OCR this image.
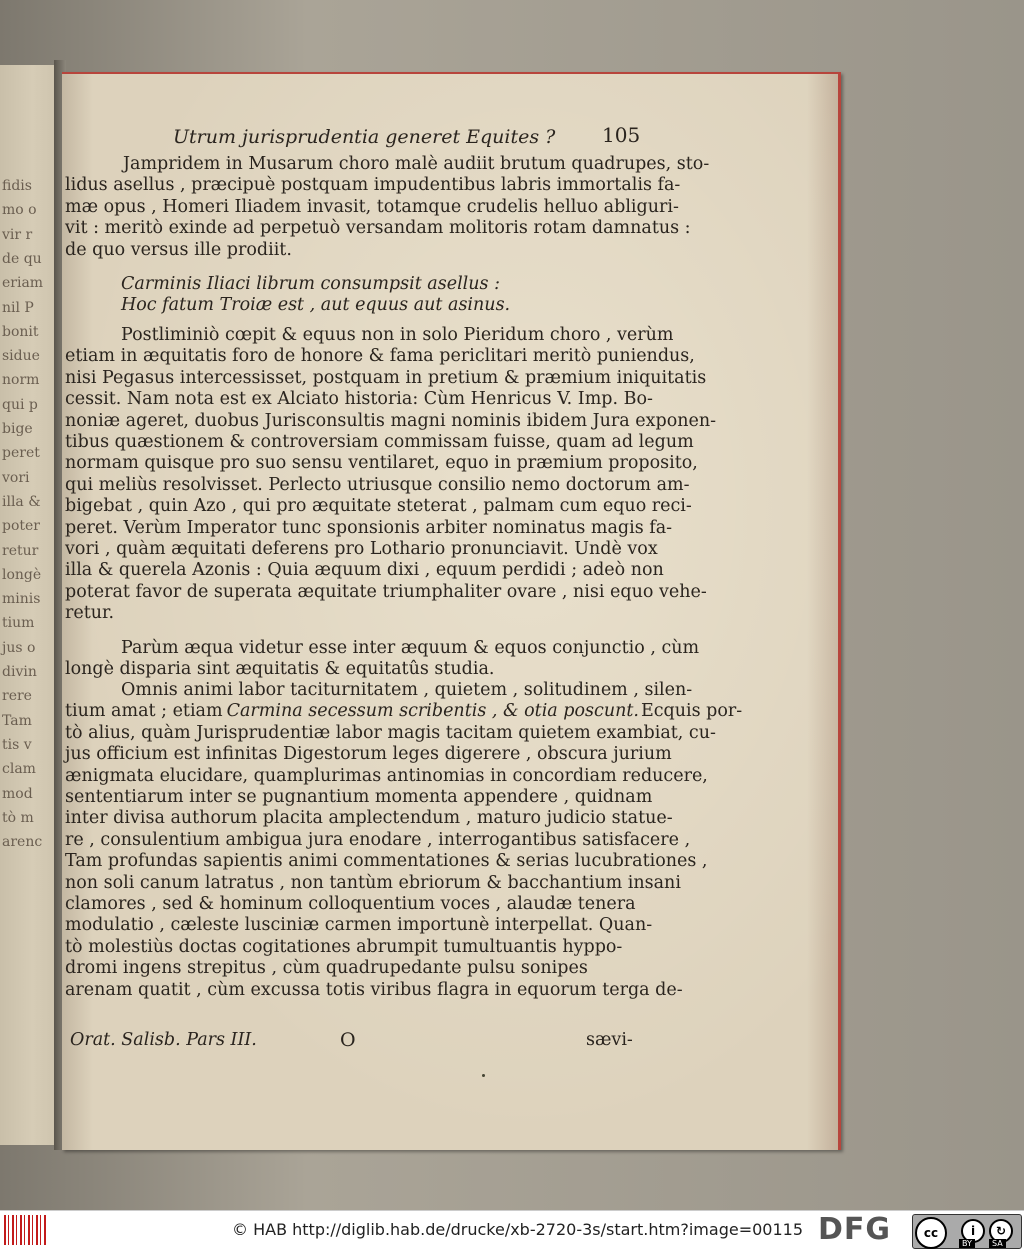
fidis
mo o
vir r
de qu
eriam
nil P
bonit
sidue
norm
qui p
bige
peret
vori
illa &
poter
retur
longè
minis
tium
jus o
divin
rere
Tam
tis v
clam
mod
tò m
arenc
Utrum jurisprudentia generet Equites ? 105
Jampridem in Musarum choro malè audiit brutum quadrupes, sto-
lidus asellus , præcipuè postquam impudentibus labris immortalis fa-
mæ opus , Homeri Iliadem invasit, totamque crudelis helluo abliguri-
vit : meritò exinde ad perpetuò versandam molitoris rotam damnatus :
de quo versus ille prodiit.
Carminis Iliaci librum consumpsit asellus :
Hoc fatum Troiæ est , aut equus aut asinus.
Postliminiò cœpit & equus non in solo Pieridum choro , verùm
etiam in æquitatis foro de honore & fama periclitari meritò puniendus,
nisi Pegasus intercessisset, postquam in pretium & præmium iniquitatis
cessit. Nam nota est ex Alciato historia: Cùm Henricus V. Imp. Bo-
noniæ ageret, duobus Jurisconsultis magni nominis ibidem Jura exponen-
tibus quæstionem & controversiam commissam fuisse, quam ad legum
normam quisque pro suo sensu ventilaret, equo in præmium proposito,
qui meliùs resolvisset. Perlecto utriusque consilio nemo doctorum am-
bigebat , quin Azo , qui pro æquitate steterat , palmam cum equo reci-
peret. Verùm Imperator tunc sponsionis arbiter nominatus magis fa-
vori , quàm æquitati deferens pro Lothario pronunciavit. Undè vox
illa & querela Azonis : Quia æquum dixi , equum perdidi ; adeò non
poterat favor de superata æquitate triumphaliter ovare , nisi equo vehe-
retur.
Parùm æqua videtur esse inter æquum & equos conjunctio , cùm
longè disparia sint æquitatis & equitatûs studia.
Omnis animi labor taciturnitatem , quietem , solitudinem , silen-
tium amat ; etiam Carmina secessum scribentis , & otia poscunt. Ecquis por-
tò alius, quàm Jurisprudentiæ labor magis tacitam quietem exambiat, cu-
jus officium est infinitas Digestorum leges digerere , obscura jurium
ænigmata elucidare, quamplurimas antinomias in concordiam reducere,
sententiarum inter se pugnantium momenta appendere , quidnam
inter divisa authorum placita amplectendum , maturo judicio statue-
re , consulentium ambigua jura enodare , interrogantibus satisfacere ,
Tam profundas sapientis animi commentationes & serias lucubrationes ,
non soli canum latratus , non tantùm ebriorum & bacchantium insani
clamores , sed & hominum colloquentium voces , alaudæ tenera
modulatio , cæleste lusciniæ carmen importunè interpellat. Quan-
tò molestiùs doctas cogitationes abrumpit tumultuantis hyppo-
dromi ingens strepitus , cùm quadrupedante pulsu sonipes
arenam quatit , cùm excussa totis viribus flagra in equorum terga de-
Orat. Salisb. Pars III.	O	sævi-
© HAB http://diglib.hab.de/drucke/xb-2720-3s/start.htm?image=00115 DFG	cc	i	↻
BY	SA
